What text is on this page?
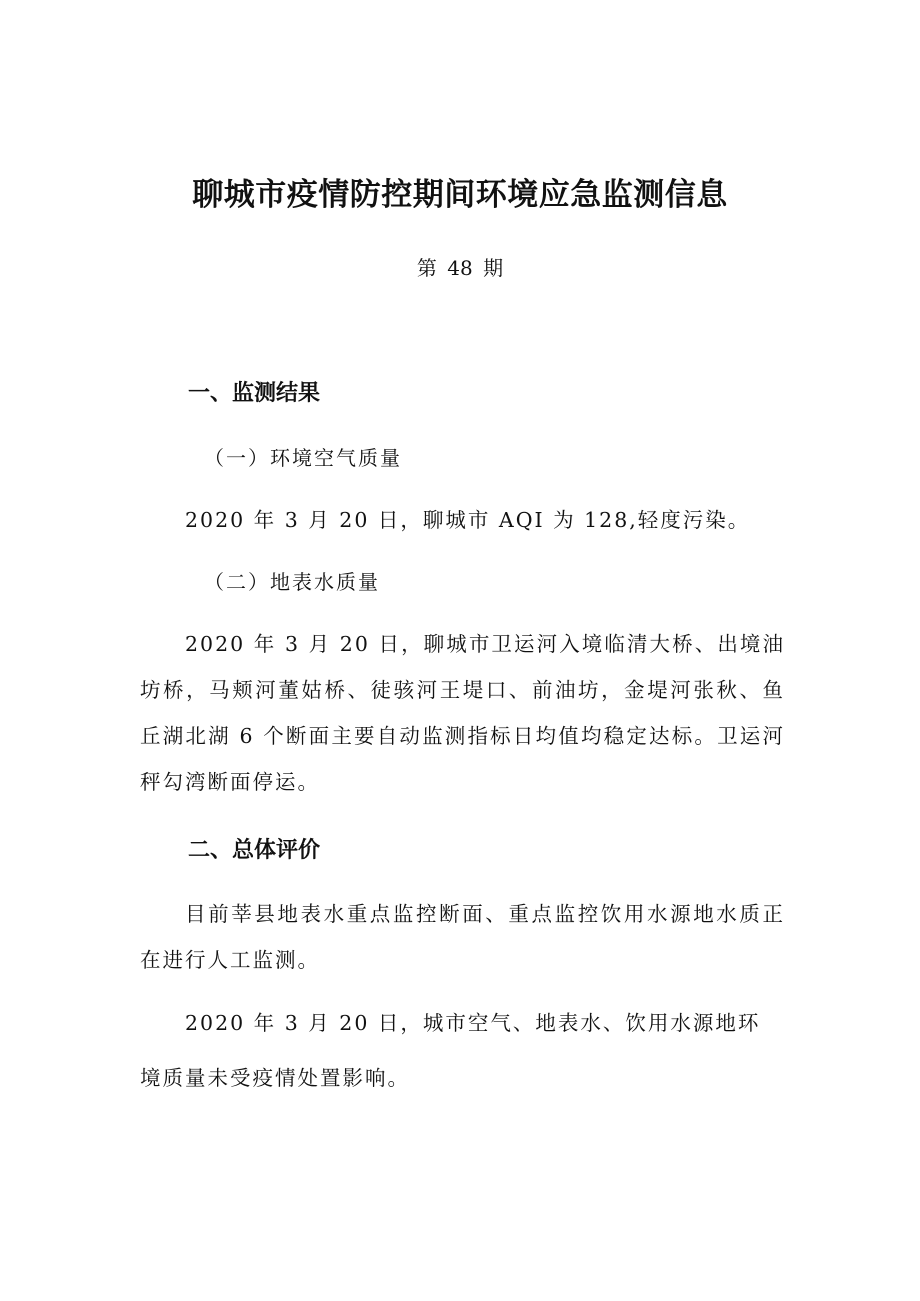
聊城市疫情防控期间环境应急监测信息
第 48 期
一、监测结果
（一）环境空气质量
2020 年 3 月 20 日，聊城市 AQI 为 128,轻度污染。
（二）地表水质量

2020 年 3 月 20 日，聊城市卫运河入境临清大桥、出境油坊桥，马颊河董姑桥、徒骇河王堤口、前油坊，金堤河张秋、鱼丘湖北湖 6 个断面主要自动监测指标日均值均稳定达标。卫运河秤勾湾断面停运。

二、总体评价

目前莘县地表水重点监控断面、重点监控饮用水源地水质正在进行人工监测。

2020 年 3 月 20 日，城市空气、地表水、饮用水源地环
境质量未受疫情处置影响。
